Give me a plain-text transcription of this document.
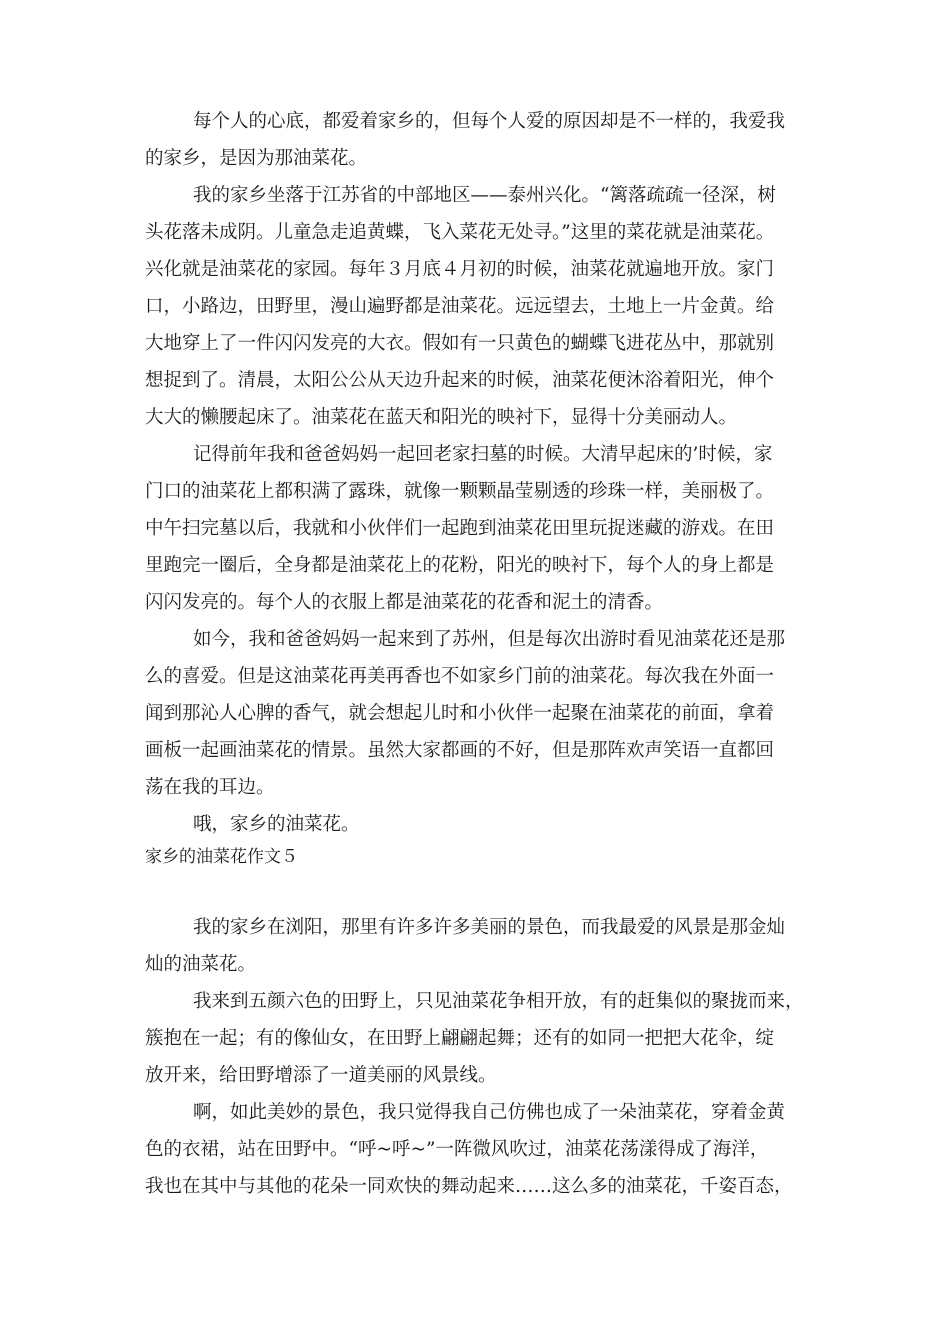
每个人的心底，都爱着家乡的，但每个人爱的原因却是不一样的，我爱我
的家乡，是因为那油菜花。
我的家乡坐落于江苏省的中部地区——泰州兴化。“篱落疏疏一径深，树
头花落未成阴。儿童急走追黄蝶，飞入菜花无处寻。”这里的菜花就是油菜花。
兴化就是油菜花的家园。每年３月底４月初的时候，油菜花就遍地开放。家门
口，小路边，田野里，漫山遍野都是油菜花。远远望去，土地上一片金黄。给
大地穿上了一件闪闪发亮的大衣。假如有一只黄色的蝴蝶飞进花丛中，那就别
想捉到了。清晨，太阳公公从天边升起来的时候，油菜花便沐浴着阳光，伸个
大大的懒腰起床了。油菜花在蓝天和阳光的映衬下，显得十分美丽动人。
记得前年我和爸爸妈妈一起回老家扫墓的时候。大清早起床的’时候，家
门口的油菜花上都积满了露珠，就像一颗颗晶莹剔透的珍珠一样，美丽极了。
中午扫完墓以后，我就和小伙伴们一起跑到油菜花田里玩捉迷藏的游戏。在田
里跑完一圈后，全身都是油菜花上的花粉，阳光的映衬下，每个人的身上都是
闪闪发亮的。每个人的衣服上都是油菜花的花香和泥土的清香。
如今，我和爸爸妈妈一起来到了苏州，但是每次出游时看见油菜花还是那
么的喜爱。但是这油菜花再美再香也不如家乡门前的油菜花。每次我在外面一
闻到那沁人心脾的香气，就会想起儿时和小伙伴一起聚在油菜花的前面，拿着
画板一起画油菜花的情景。虽然大家都画的不好，但是那阵欢声笑语一直都回
荡在我的耳边。
哦，家乡的油菜花。
家乡的油菜花作文５
我的家乡在浏阳，那里有许多许多美丽的景色，而我最爱的风景是那金灿
灿的油菜花。
我来到五颜六色的田野上，只见油菜花争相开放，有的赶集似的聚拢而来，
簇抱在一起；有的像仙女，在田野上翩翩起舞；还有的如同一把把大花伞，绽
放开来，给田野增添了一道美丽的风景线。
啊，如此美妙的景色，我只觉得我自己仿佛也成了一朵油菜花，穿着金黄
色的衣裙，站在田野中。“呼~呼~”一阵微风吹过，油菜花荡漾得成了海洋，
我也在其中与其他的花朵一同欢快的舞动起来……这么多的油菜花，千姿百态，
